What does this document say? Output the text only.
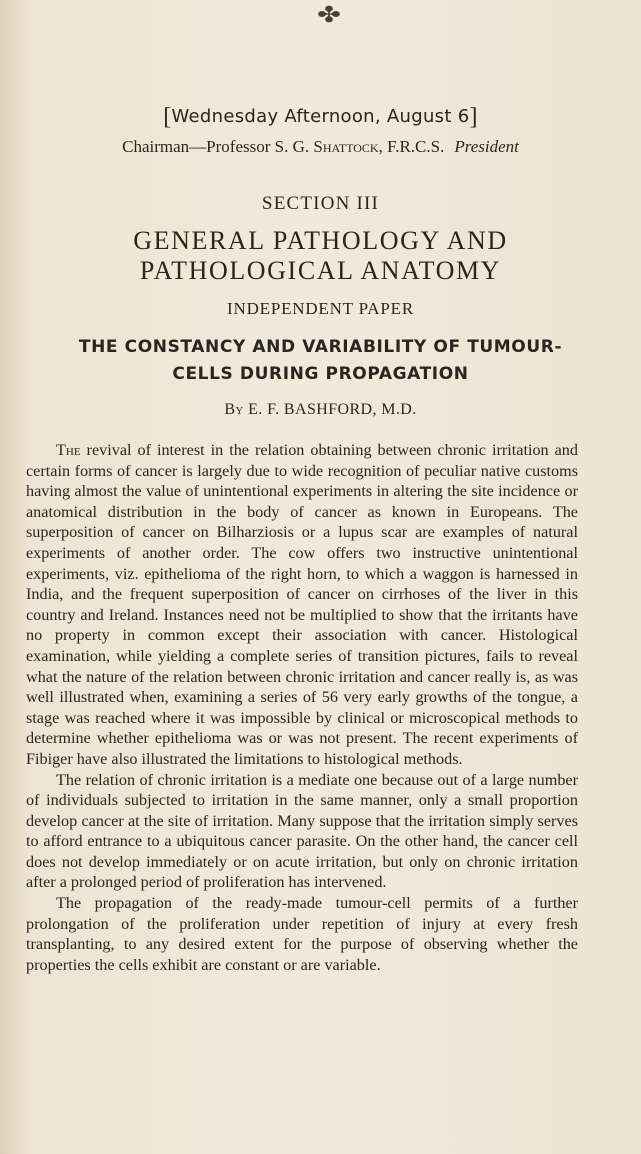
✤
[Wednesday Afternoon, August 6]
Chairman—Professor S. G. Shattock, F.R.C.S. President
SECTION III
GENERAL PATHOLOGY AND
PATHOLOGICAL ANATOMY
INDEPENDENT PAPER
THE CONSTANCY AND VARIABILITY OF TUMOUR-
CELLS DURING PROPAGATION
By E. F. BASHFORD, M.D.

The revival of interest in the relation obtaining between chronic irritation and certain forms of cancer is largely due to wide recognition of peculiar native customs having almost the value of unintentional experiments in altering the site incidence or anatomical distribution in the body of cancer as known in Europeans. The superposition of cancer on Bilharziosis or a lupus scar are examples of natural experiments of another order. The cow offers two instructive unintentional experiments, viz. epithelioma of the right horn, to which a waggon is harnessed in India, and the frequent superposition of cancer on cirrhoses of the liver in this country and Ireland. Instances need not be multiplied to show that the irritants have no property in common except their association with cancer. Histological examination, while yielding a complete series of transition pictures, fails to reveal what the nature of the relation between chronic irritation and cancer really is, as was well illustrated when, examining a series of 56 very early growths of the tongue, a stage was reached where it was impossible by clinical or microscopical methods to determine whether epithelioma was or was not present. The recent experiments of Fibiger have also illustrated the limitations to histological methods.

The relation of chronic irritation is a mediate one because out of a large number of individuals subjected to irritation in the same manner, only a small proportion develop cancer at the site of irritation. Many suppose that the irritation simply serves to afford entrance to a ubiquitous cancer parasite. On the other hand, the cancer cell does not develop immediately or on acute irritation, but only on chronic irritation after a prolonged period of proliferation has intervened.

The propagation of the ready-made tumour-cell permits of a further prolongation of the proliferation under repetition of injury at every fresh transplanting, to any desired extent for the purpose of observing whether the properties the cells exhibit are constant or are variable.
